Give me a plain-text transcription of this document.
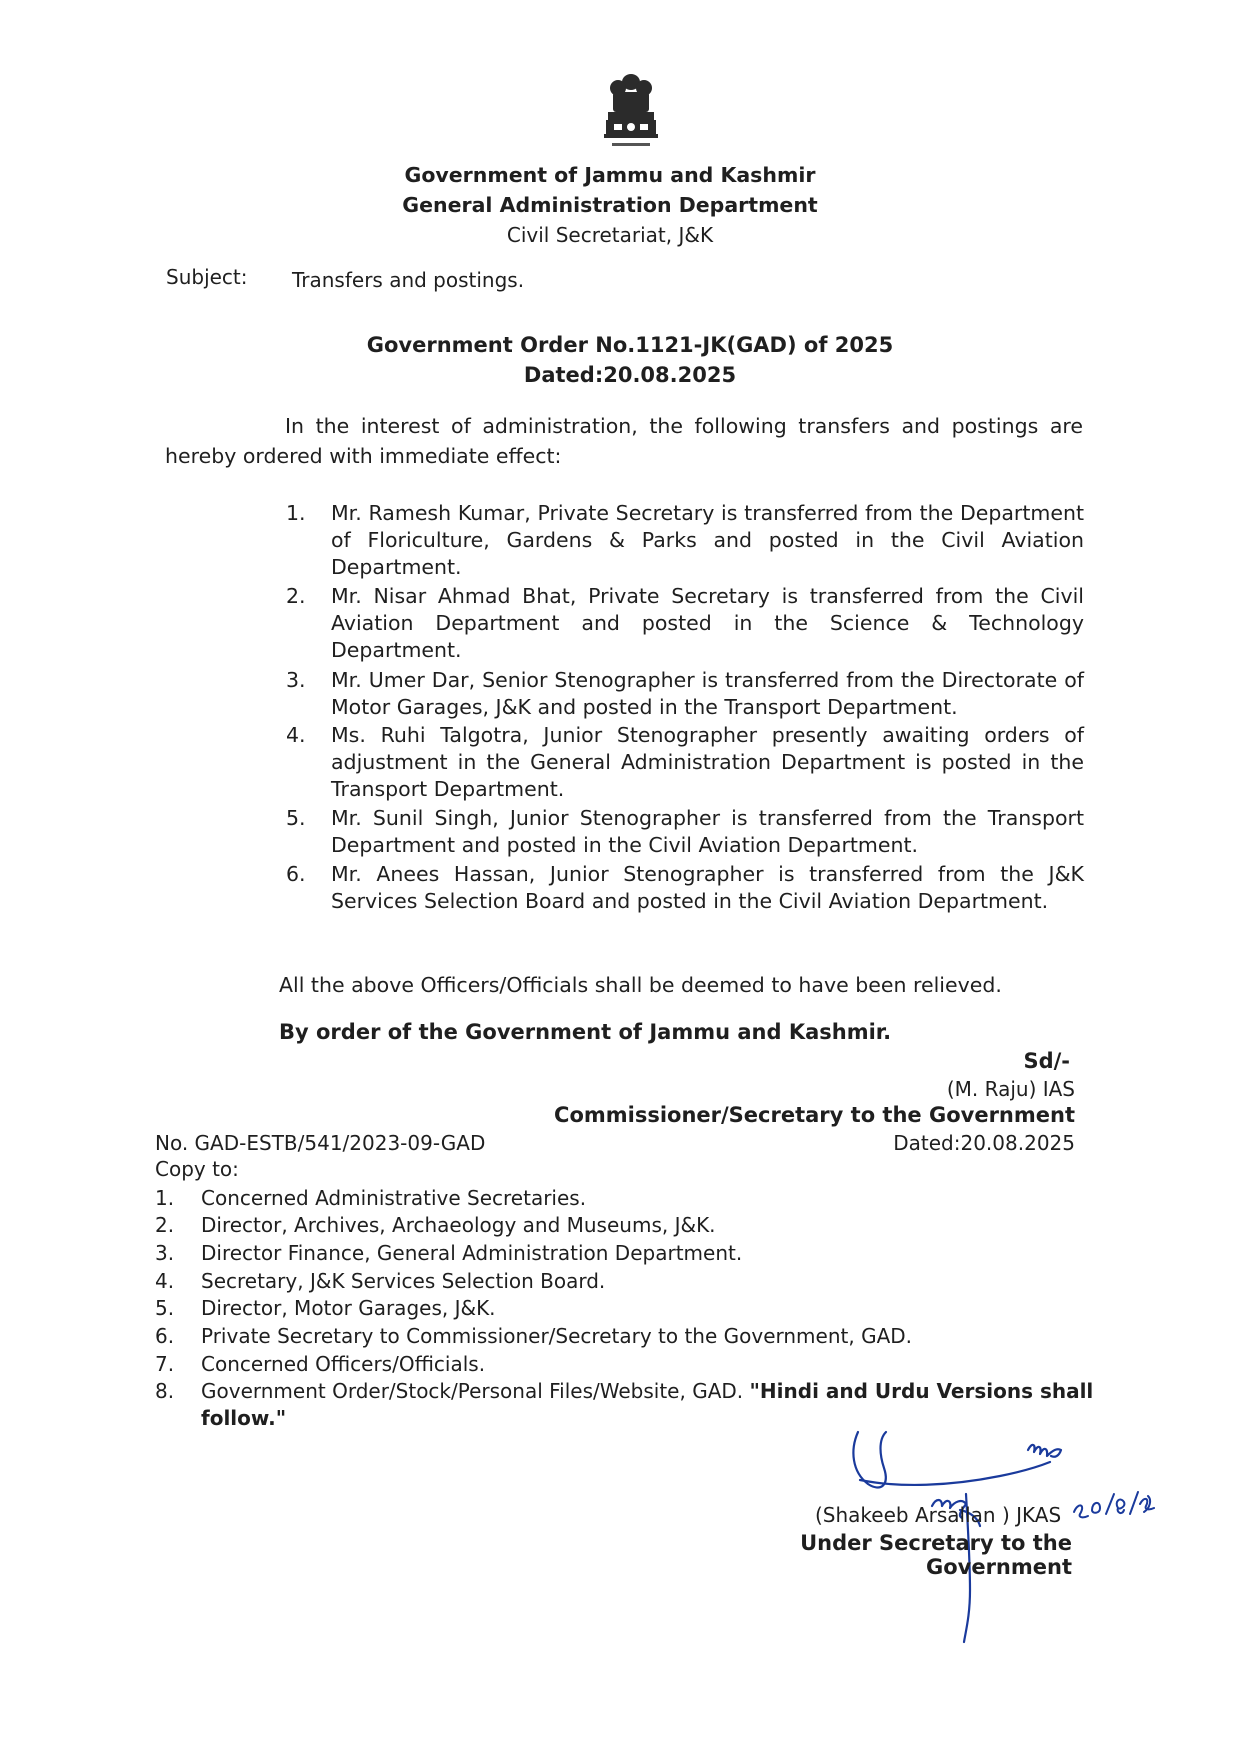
Government of Jammu and Kashmir

General Administration Department

Civil Secretariat, J&K

Subject: Transfers and postings.

Government Order No.1121-JK(GAD) of 2025

Dated:20.08.2025

In the interest of administration, the following transfers and postings are hereby ordered with immediate effect:

1.	Mr. Ramesh Kumar, Private Secretary is transferred from the Department of Floriculture, Gardens & Parks and posted in the Civil Aviation Department.
2.	Mr. Nisar Ahmad Bhat, Private Secretary is transferred from the Civil Aviation Department and posted in the Science & Technology Department.
3.	Mr. Umer Dar, Senior Stenographer is transferred from the Directorate of Motor Garages, J&K and posted in the Transport Department.
4.	Ms. Ruhi Talgotra, Junior Stenographer presently awaiting orders of adjustment in the General Administration Department is posted in the Transport Department.
5.	Mr. Sunil Singh, Junior Stenographer is transferred from the Transport Department and posted in the Civil Aviation Department.
6.	Mr. Anees Hassan, Junior Stenographer is transferred from the J&K Services Selection Board and posted in the Civil Aviation Department.

All the above Officers/Officials shall be deemed to have been relieved.

By order of the Government of Jammu and Kashmir.

Sd/-

(M. Raju) IAS

Commissioner/Secretary to the Government

Dated:20.08.2025

No. GAD-ESTB/541/2023-09-GAD

Copy to:

1.	Concerned Administrative Secretaries.
2.	Director, Archives, Archaeology and Museums, J&K.
3.	Director Finance, General Administration Department.
4.	Secretary, J&K Services Selection Board.
5.	Director, Motor Garages, J&K.
6.	Private Secretary to Commissioner/Secretary to the Government, GAD.
7.	Concerned Officers/Officials.
8.	Government Order/Stock/Personal Files/Website, GAD. "Hindi and Urdu Versions shall follow."

(Shakeeb Arsallan ) JKAS

Under Secretary to the Government
